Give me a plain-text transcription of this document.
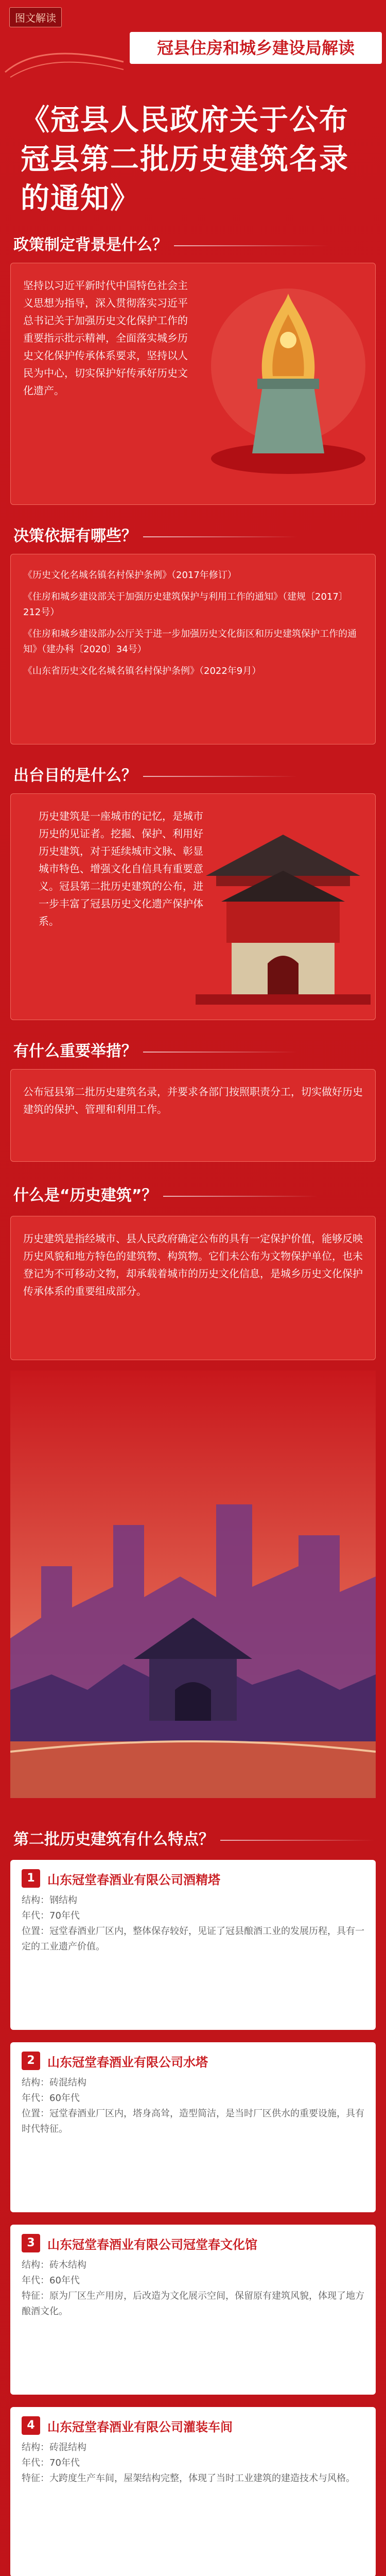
图文解读
冠县住房和城乡建设局解读
《冠县人民政府关于公布冠县第二批历史建筑名录的通知》
政策制定背景是什么？

坚持以习近平新时代中国特色社会主义思想为指导，深入贯彻落实习近平总书记关于加强历史文化保护工作的重要指示批示精神，全面落实城乡历史文化保护传承体系要求，坚持以人民为中心，切实保护好传承好历史文化遗产。

决策依据有哪些？

《历史文化名城名镇名村保护条例》（2017年修订）

《住房和城乡建设部关于加强历史建筑保护与利用工作的通知》（建规〔2017〕212号）

《住房和城乡建设部办公厅关于进一步加强历史文化街区和历史建筑保护工作的通知》（建办科〔2020〕34号）

《山东省历史文化名城名镇名村保护条例》（2022年9月）

出台目的是什么？

历史建筑是一座城市的记忆，是城市历史的见证者。挖掘、保护、利用好历史建筑，对于延续城市文脉、彰显城市特色、增强文化自信具有重要意义。冠县第二批历史建筑的公布，进一步丰富了冠县历史文化遗产保护体系。

有什么重要举措？

公布冠县第二批历史建筑名录，并要求各部门按照职责分工，切实做好历史建筑的保护、管理和利用工作。

什么是“历史建筑”？

历史建筑是指经城市、县人民政府确定公布的具有一定保护价值，能够反映历史风貌和地方特色的建筑物、构筑物。它们未公布为文物保护单位，也未登记为不可移动文物，却承载着城市的历史文化信息，是城乡历史文化保护传承体系的重要组成部分。

第二批历史建筑有什么特点？
1	山东冠堂春酒业有限公司酒精塔
结构：钢结构
年代：70年代
位置：冠堂春酒业厂区内，整体保存较好，见证了冠县酿酒工业的发展历程，具有一定的工业遗产价值。
2	山东冠堂春酒业有限公司水塔
结构：砖混结构
年代：60年代
位置：冠堂春酒业厂区内，塔身高耸，造型简洁，是当时厂区供水的重要设施，具有时代特征。
3	山东冠堂春酒业有限公司冠堂春文化馆
结构：砖木结构
年代：60年代
特征：原为厂区生产用房，后改造为文化展示空间，保留原有建筑风貌，体现了地方酿酒文化。
4	山东冠堂春酒业有限公司灌装车间
结构：砖混结构
年代：70年代
特征：大跨度生产车间，屋架结构完整，体现了当时工业建筑的建造技术与风格。
